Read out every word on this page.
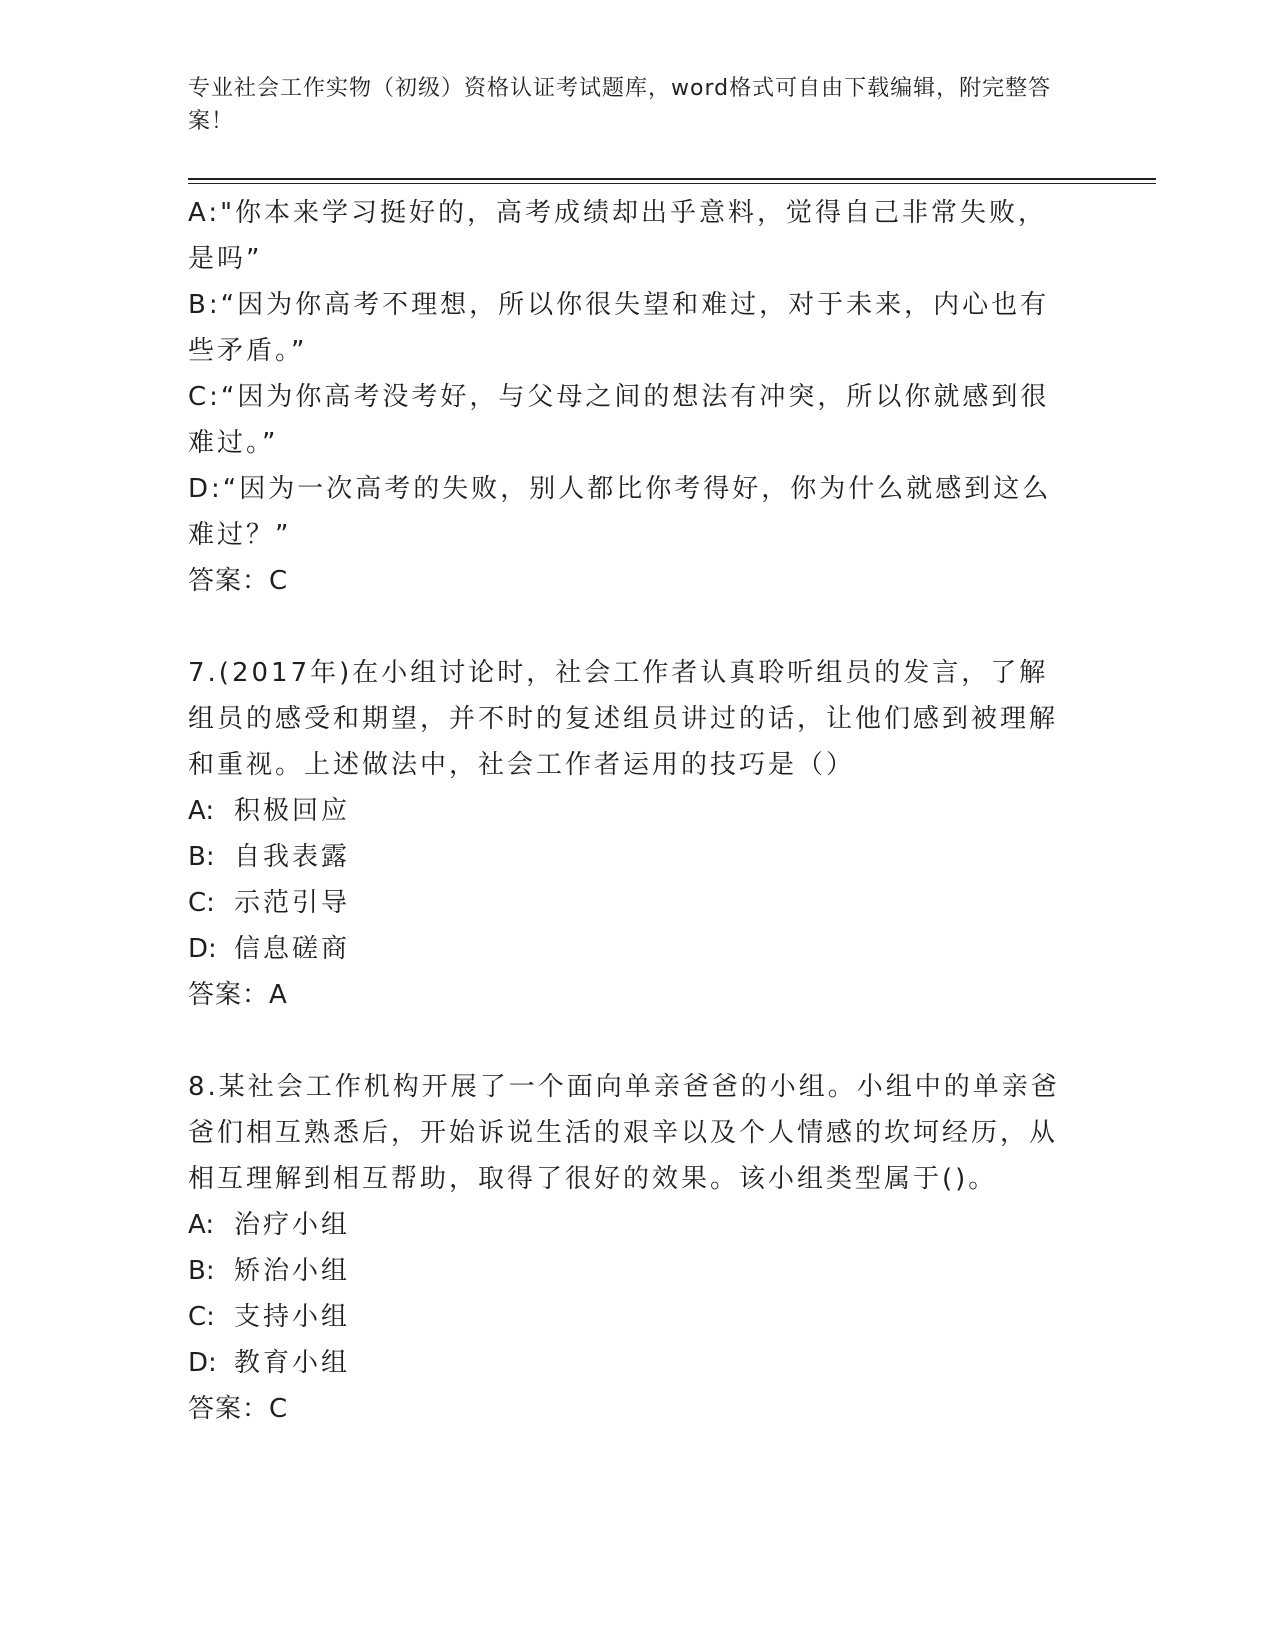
专业社会工作实物（初级）资格认证考试题库，word格式可自由下载编辑，附完整答案！

A:"你本来学习挺好的，高考成绩却出乎意料，觉得自己非常失败，是吗”

B:“因为你高考不理想，所以你很失望和难过，对于未来，内心也有些矛盾。”

C:“因为你高考没考好，与父母之间的想法有冲突，所以你就感到很难过。”

D:“因为一次高考的失败，别人都比你考得好，你为什么就感到这么难过？”

答案：C

7.(2017年)在小组讨论时，社会工作者认真聆听组员的发言，了解组员的感受和期望，并不时的复述组员讲过的话，让他们感到被理解和重视。上述做法中，社会工作者运用的技巧是（）

A: 积极回应

B: 自我表露

C: 示范引导

D: 信息磋商

答案：A

8.某社会工作机构开展了一个面向单亲爸爸的小组。小组中的单亲爸爸们相互熟悉后，开始诉说生活的艰辛以及个人情感的坎坷经历，从相互理解到相互帮助，取得了很好的效果。该小组类型属于()。

A: 治疗小组

B: 矫治小组

C: 支持小组

D: 教育小组

答案：C
